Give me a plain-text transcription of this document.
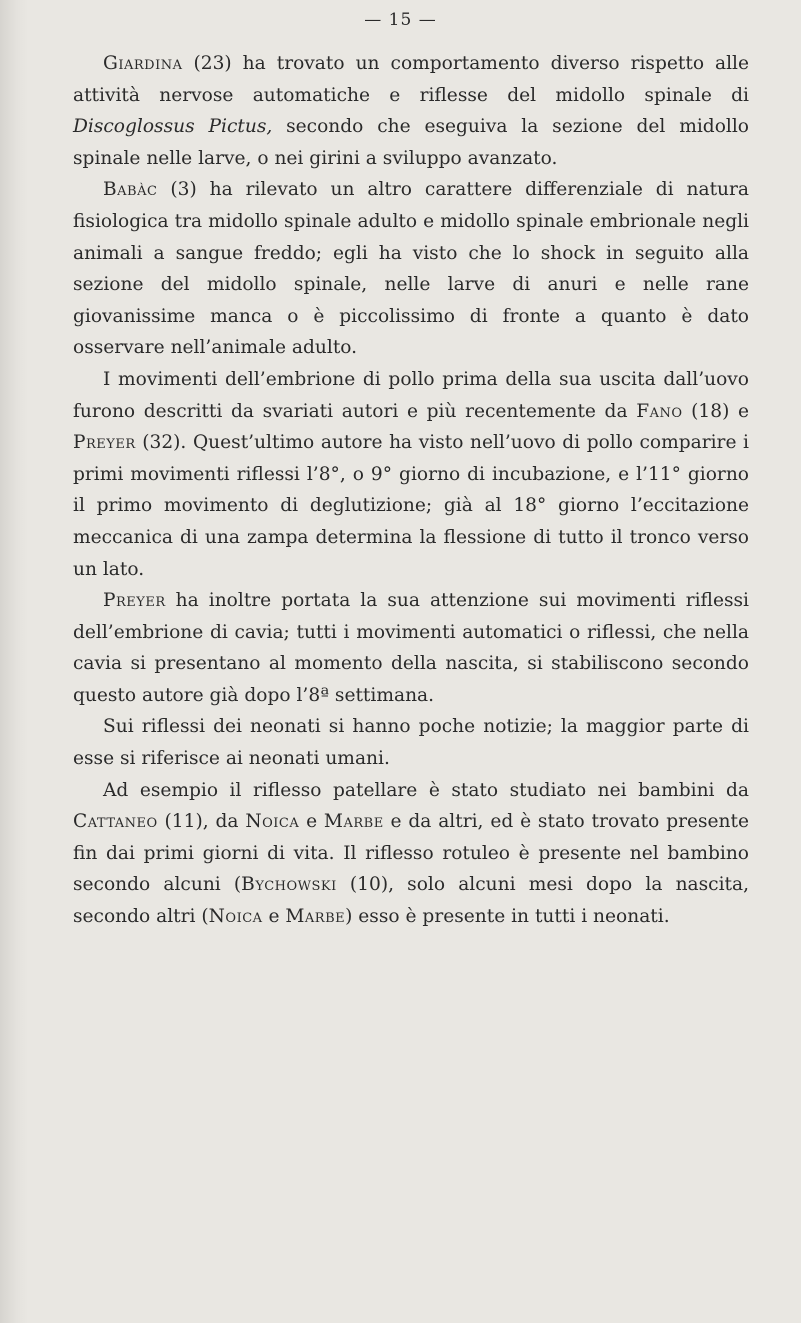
— 15 —

Giardina (23) ha trovato un comportamento diverso rispetto alle attività nervose automatiche e riflesse del midollo spinale di Discoglossus Pictus, secondo che eseguiva la sezione del midollo spinale nelle larve, o nei girini a sviluppo avanzato.

Babàc (3) ha rilevato un altro carattere differenziale di natura fisiologica tra midollo spinale adulto e midollo spinale embrionale negli animali a sangue freddo; egli ha visto che lo shock in seguito alla sezione del midollo spinale, nelle larve di anuri e nelle rane giovanissime manca o è piccolissimo di fronte a quanto è dato osservare nell’animale adulto.

I movimenti dell’embrione di pollo prima della sua uscita dall’uovo furono descritti da svariati autori e più recentemente da Fano (18) e Preyer (32). Quest’ultimo autore ha visto nell’uovo di pollo comparire i primi movimenti riflessi l’8°, o 9° giorno di incubazione, e l’11° giorno il primo movimento di deglutizione; già al 18° giorno l’eccitazione meccanica di una zampa determina la flessione di tutto il tronco verso un lato.

Preyer ha inoltre portata la sua attenzione sui movimenti riflessi dell’embrione di cavia; tutti i movimenti automatici o riflessi, che nella cavia si presentano al momento della nascita, si stabiliscono secondo questo autore già dopo l’8ª settimana.

Sui riflessi dei neonati si hanno poche notizie; la maggior parte di esse si riferisce ai neonati umani.

Ad esempio il riflesso patellare è stato studiato nei bambini da Cattaneo (11), da Noica e Marbe e da altri, ed è stato trovato presente fin dai primi giorni di vita. Il riflesso rotuleo è presente nel bambino secondo alcuni (Bychowski (10), solo alcuni mesi dopo la nascita, secondo altri (Noica e Marbe) esso è presente in tutti i neonati.
